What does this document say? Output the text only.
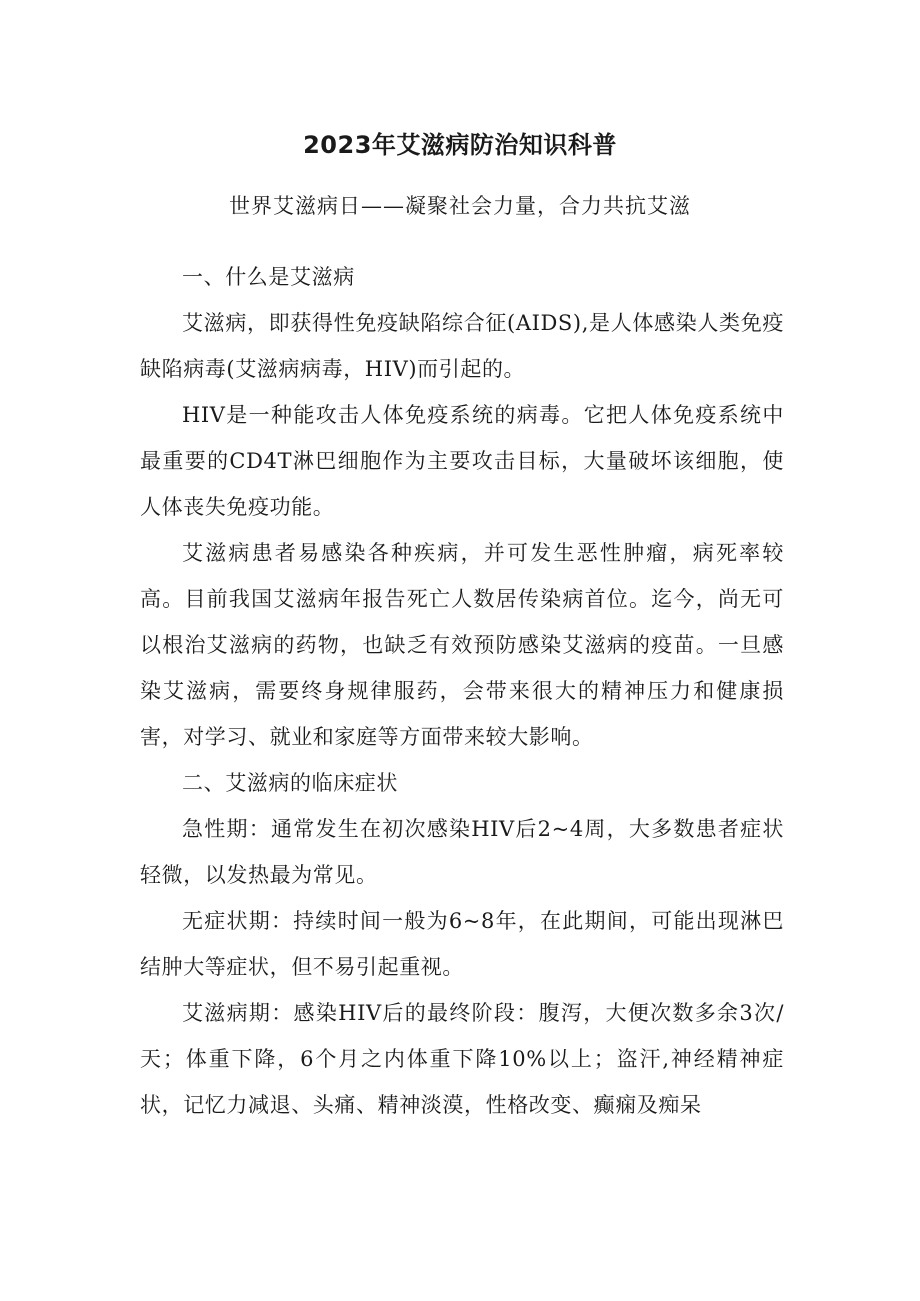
2023年艾滋病防治知识科普
世界艾滋病日——凝聚社会力量，合力共抗艾滋

一、什么是艾滋病

艾滋病，即获得性免疫缺陷综合征(AIDS),是人体感染人类免疫缺陷病毒(艾滋病病毒，HIV)而引起的。

HIV是一种能攻击人体免疫系统的病毒。它把人体免疫系统中最重要的CD4T淋巴细胞作为主要攻击目标，大量破坏该细胞，使人体丧失免疫功能。

艾滋病患者易感染各种疾病，并可发生恶性肿瘤，病死率较高。目前我国艾滋病年报告死亡人数居传染病首位。迄今，尚无可以根治艾滋病的药物，也缺乏有效预防感染艾滋病的疫苗。一旦感染艾滋病，需要终身规律服药，会带来很大的精神压力和健康损害，对学习、就业和家庭等方面带来较大影响。

二、艾滋病的临床症状

急性期：通常发生在初次感染HIV后2~4周，大多数患者症状轻微，以发热最为常见。

无症状期：持续时间一般为6~8年，在此期间，可能出现淋巴结肿大等症状，但不易引起重视。

艾滋病期：感染HIV后的最终阶段：腹泻，大便次数多余3次/天；体重下降，6个月之内体重下降10%以上；盗汗,神经精神症状，记忆力减退、头痛、精神淡漠，性格改变、癫痫及痴呆
